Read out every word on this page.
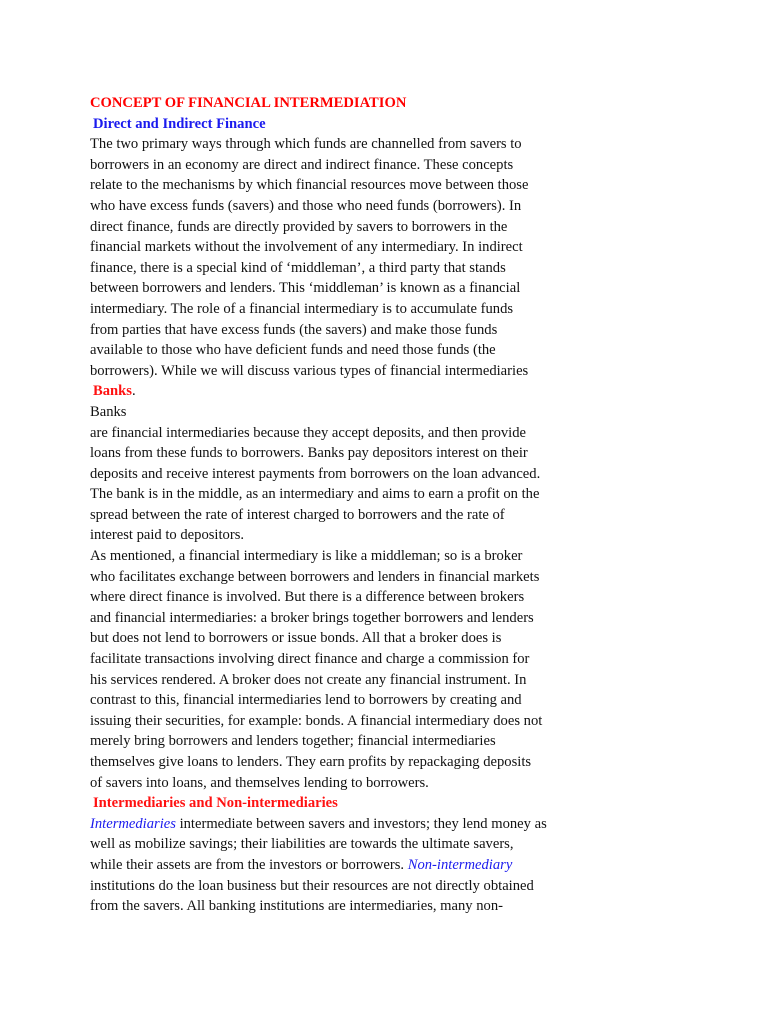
CONCEPT OF FINANCIAL INTERMEDIATION
Direct and Indirect Finance

The two primary ways through which funds are channelled from savers to
borrowers in an economy are direct and indirect finance. These concepts
relate to the mechanisms by which financial resources move between those
who have excess funds (savers) and those who need funds (borrowers). In
direct finance, funds are directly provided by savers to borrowers in the
financial markets without the involvement of any intermediary. In indirect
finance, there is a special kind of ‘middleman’, a third party that stands
between borrowers and lenders. This ‘middleman’ is known as a financial
intermediary. The role of a financial intermediary is to accumulate funds
from parties that have excess funds (the savers) and make those funds
available to those who have deficient funds and need those funds (the
borrowers). While we will discuss various types of financial intermediaries

Banks.

Banks
are financial intermediaries because they accept deposits, and then provide
loans from these funds to borrowers. Banks pay depositors interest on their
deposits and receive interest payments from borrowers on the loan advanced.
The bank is in the middle, as an intermediary and aims to earn a profit on the
spread between the rate of interest charged to borrowers and the rate of
interest paid to depositors.
As mentioned, a financial intermediary is like a middleman; so is a broker
who facilitates exchange between borrowers and lenders in financial markets
where direct finance is involved. But there is a difference between brokers
and financial intermediaries: a broker brings together borrowers and lenders
but does not lend to borrowers or issue bonds. All that a broker does is
facilitate transactions involving direct finance and charge a commission for
his services rendered. A broker does not create any financial instrument. In
contrast to this, financial intermediaries lend to borrowers by creating and
issuing their securities, for example: bonds. A financial intermediary does not
merely bring borrowers and lenders together; financial intermediaries
themselves give loans to lenders. They earn profits by repackaging deposits
of savers into loans, and themselves lending to borrowers.

Intermediaries and Non-intermediaries

Intermediaries intermediate between savers and investors; they lend money as
well as mobilize savings; their liabilities are towards the ultimate savers,
while their assets are from the investors or borrowers. Non-intermediary
institutions do the loan business but their resources are not directly obtained
from the savers. All banking institutions are intermediaries, many non-
